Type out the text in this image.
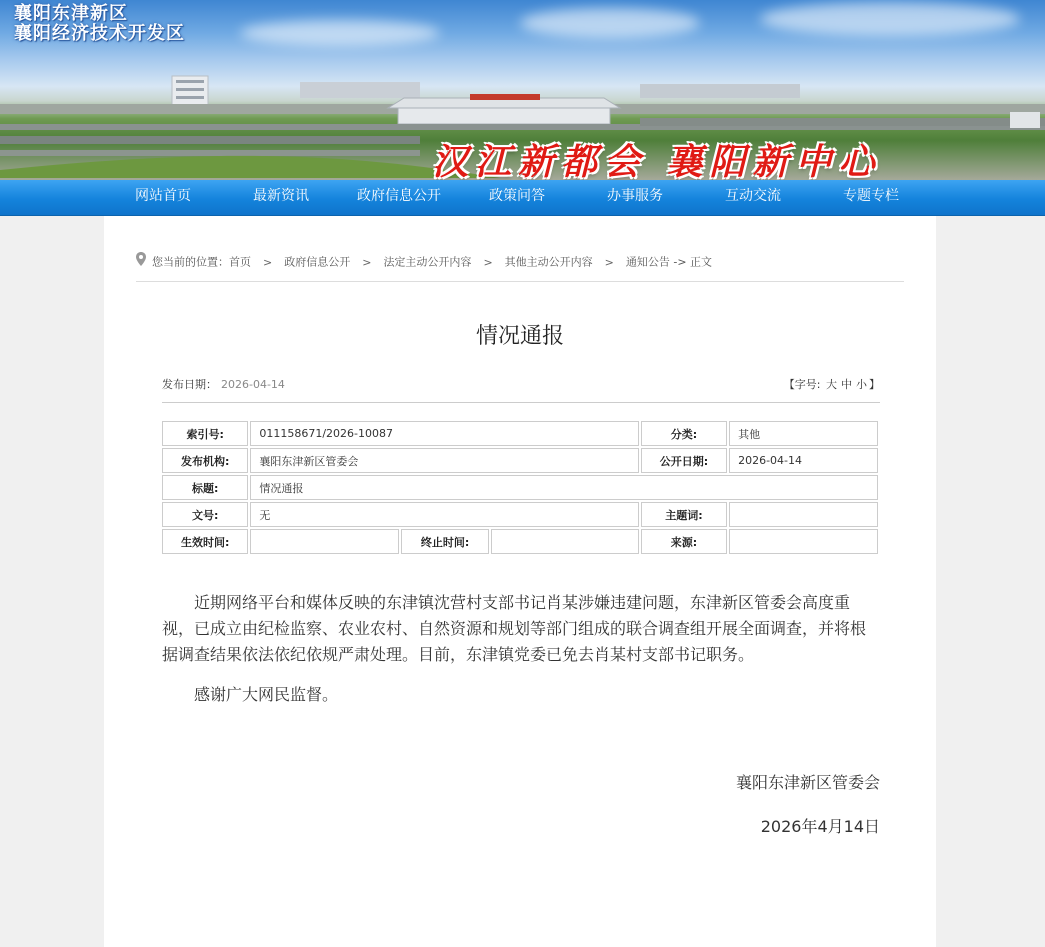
襄阳东津新区
襄阳经济技术开发区
汉江新都会 襄阳新中心
网站首页	最新资讯	政府信息公开	政策问答	办事服务	互动交流	专题专栏
您当前的位置：首页 > 政府信息公开 > 法定主动公开内容 > 其他主动公开内容 > 通知公告 -> 正文
情况通报
发布日期： 2026-04-14	【字号: 大 中 小 】
索引号:	011158671/2026-10087			分类:	其他
发布机构:	襄阳东津新区管委会			公开日期:	2026-04-14
标题:	情况通报				
文号:	无			主题词:	
生效时间:		终止时间:		来源:	

近期网络平台和媒体反映的东津镇沈营村支部书记肖某涉嫌违建问题，东津新区管委会高度重视，已成立由纪检监察、农业农村、自然资源和规划等部门组成的联合调查组开展全面调查，并将根据调查结果依法依纪依规严肃处理。目前，东津镇党委已免去肖某村支部书记职务。

感谢广大网民监督。

襄阳东津新区管委会
2026年4月14日
